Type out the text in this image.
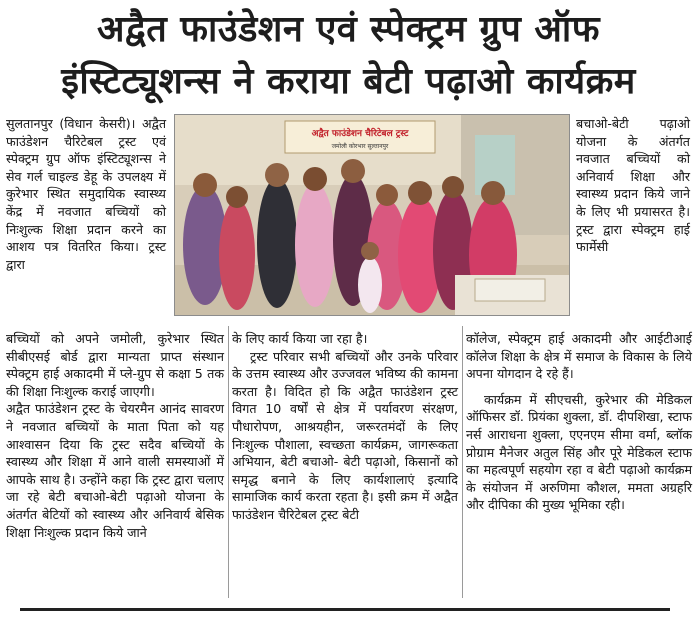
अद्वैत फाउंडेशन एवं स्पेक्ट्रम ग्रुप ऑफ
इंस्टिट्यूशन्स ने कराया बेटी पढ़ाओ कार्यक्रम

सुलतानपुर (विधान केसरी)। अद्वैत फाउंडेशन चैरिटेबल ट्रस्ट एवं स्पेक्ट्रम ग्रुप ऑफ इंस्टिट्यूशन्स ने सेव गर्ल चाइल्ड डेहू के उपलक्ष्य में कुरेभार स्थित समुदायिक स्वास्थ्य केंद्र में नवजात बच्चियों को निःशुल्क शिक्षा प्रदान करने का आशय पत्र वितरित किया। ट्रस्ट द्वारा

अद्वैत फाउंडेशन चैरिटेबल ट्रस्ट
जमोली कोरभार सुल्तानपुर

बचाओ-बेटी पढ़ाओ योजना के अंतर्गत नवजात बच्चियों को अनिवार्य शिक्षा और स्वास्थ्य प्रदान किये जाने के लिए भी प्रयासरत है। ट्रस्ट द्वारा स्पेक्ट्रम हाई फार्मेसी

बच्चियों को अपने जमोली, कुरेभार स्थित सीबीएसई बोर्ड द्वारा मान्यता प्राप्त संस्थान स्पेक्ट्रम हाई अकादमी में प्ले-ग्रुप से कक्षा 5 तक की शिक्षा निःशुल्क कराई जाएगी।

अद्वैत फाउंडेशन ट्रस्ट के चेयरमैन आनंद सावरण ने नवजात बच्चियों के माता पिता को यह आश्वासन दिया कि ट्रस्ट सदैव बच्चियों के स्वास्थ्य और शिक्षा में आने वाली समस्याओं में आपके साथ है। उन्होंने कहा कि ट्रस्ट द्वारा चलाए जा रहे बेटी बचाओ-बेटी पढ़ाओ योजना के अंतर्गत बेटियों को स्वास्थ्य और अनिवार्य बेसिक शिक्षा निःशुल्क प्रदान किये जाने

के लिए कार्य किया जा रहा है।

ट्रस्ट परिवार सभी बच्चियों और उनके परिवार के उत्तम स्वास्थ्य और उज्जवल भविष्य की कामना करता है। विदित हो कि अद्वैत फाउंडेशन ट्रस्ट विगत 10 वर्षों से क्षेत्र में पर्यावरण संरक्षण, पौधारोपण, आश्रयहीन, जरूरतमंदों के लिए निःशुल्क पौशाला, स्वच्छता कार्यक्रम, जागरूकता अभियान, बेटी बचाओ- बेटी पढ़ाओ, किसानों को समृद्ध बनाने के लिए कार्यशालाएं इत्यादि सामाजिक कार्य करता रहता है। इसी क्रम में अद्वैत फाउंडेशन चैरिटेबल ट्रस्ट बेटी

कॉलेज, स्पेक्ट्रम हाई अकादमी और आईटीआई कॉलेज शिक्षा के क्षेत्र में समाज के विकास के लिये अपना योगदान दे रहे हैं।

कार्यक्रम में सीएचसी, कुरेभार की मेडिकल ऑफिसर डॉ. प्रियंका शुक्ला, डॉ. दीपशिखा, स्टाफ नर्स आराधना शुक्ला, एएनएम सीमा वर्मा, ब्लॉक प्रोग्राम मैनेजर अतुल सिंह और पूरे मेडिकल स्टाफ का महत्वपूर्ण सहयोग रहा व बेटी पढ़ाओ कार्यक्रम के संयोजन में अरुणिमा कौशल, ममता अग्रहरि और दीपिका की मुख्य भूमिका रही।
